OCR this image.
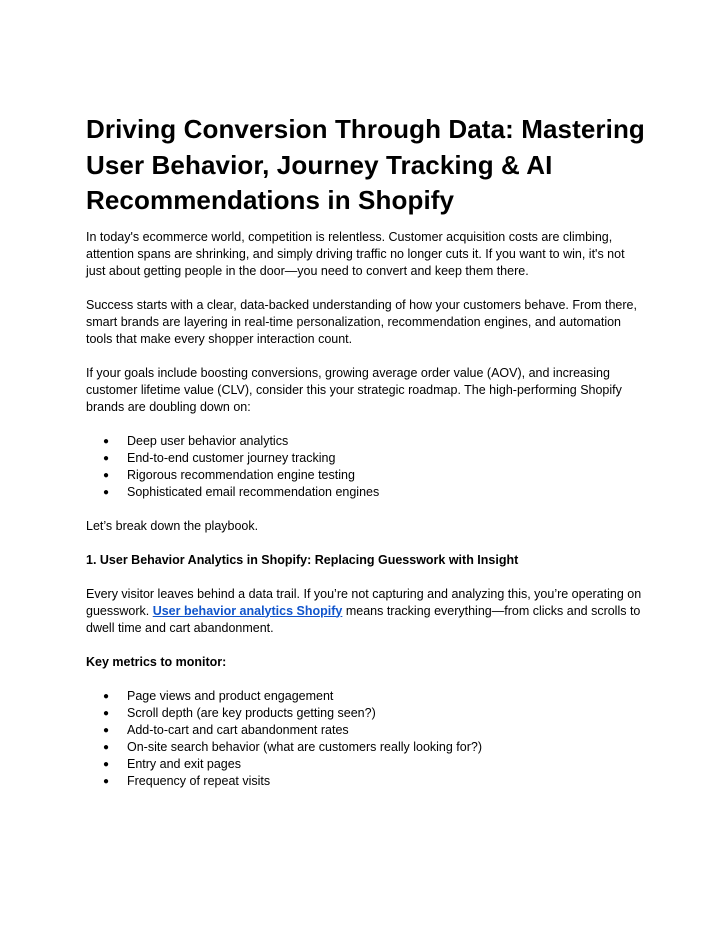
Driving Conversion Through Data: Mastering User Behavior, Journey Tracking & AI Recommendations in Shopify

In today's ecommerce world, competition is relentless. Customer acquisition costs are climbing, attention spans are shrinking, and simply driving traffic no longer cuts it. If you want to win, it's not just about getting people in the door—you need to convert and keep them there.

Success starts with a clear, data-backed understanding of how your customers behave. From there, smart brands are layering in real-time personalization, recommendation engines, and automation tools that make every shopper interaction count.

If your goals include boosting conversions, growing average order value (AOV), and increasing customer lifetime value (CLV), consider this your strategic roadmap. The high-performing Shopify brands are doubling down on:

● Deep user behavior analytics
● End-to-end customer journey tracking
● Rigorous recommendation engine testing
● Sophisticated email recommendation engines

Let’s break down the playbook.

1. User Behavior Analytics in Shopify: Replacing Guesswork with Insight

Every visitor leaves behind a data trail. If you’re not capturing and analyzing this, you’re operating on guesswork. User behavior analytics Shopify means tracking everything—from clicks and scrolls to dwell time and cart abandonment.

Key metrics to monitor:

● Page views and product engagement
● Scroll depth (are key products getting seen?)
● Add-to-cart and cart abandonment rates
● On-site search behavior (what are customers really looking for?)
● Entry and exit pages
● Frequency of repeat visits
